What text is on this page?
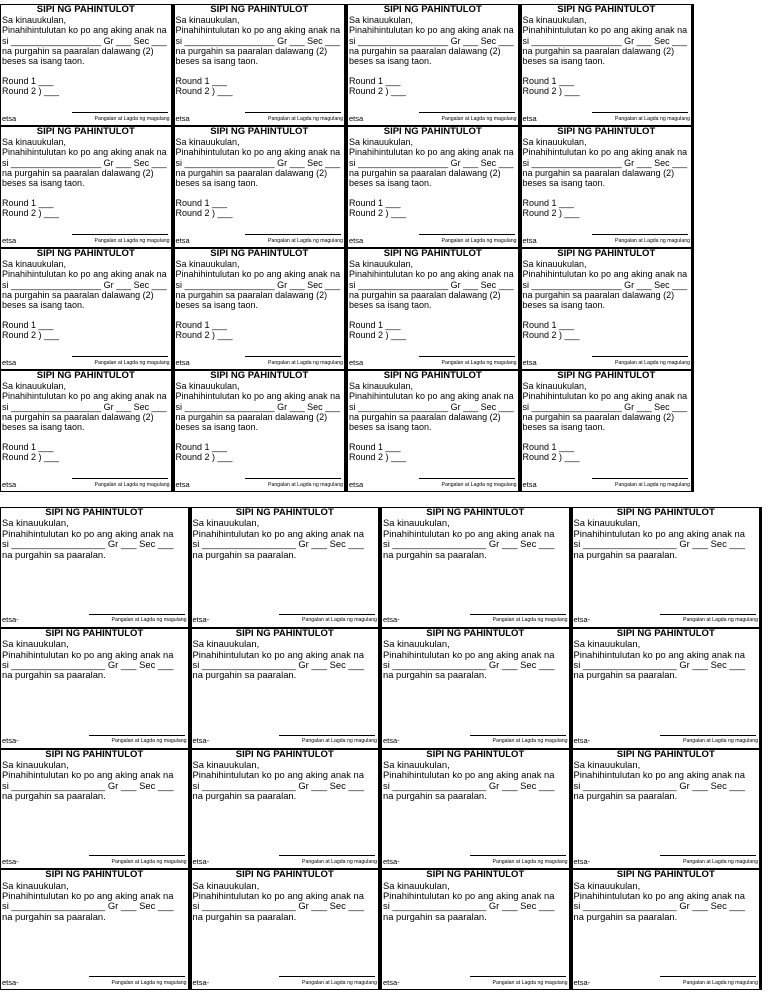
SIPI NG PAHINTULOT
Sa kinauukulan,
Pinahihintulutan ko po ang aking anak na
si __________________ Gr ___ Sec ___
na purgahin sa paaralan dalawang (2)
beses sa isang taon.
Round 1 ___
Round 2 ) ___
etsa	Pangalan at Lagda ng magulang
SIPI NG PAHINTULOT
Sa kinauukulan,
Pinahihintulutan ko po ang aking anak na
si __________________ Gr ___ Sec ___
na purgahin sa paaralan dalawang (2)
beses sa isang taon.
Round 1 ___
Round 2 ) ___
etsa	Pangalan at Lagda ng magulang
SIPI NG PAHINTULOT
Sa kinauukulan,
Pinahihintulutan ko po ang aking anak na
si __________________ Gr ___ Sec ___
na purgahin sa paaralan dalawang (2)
beses sa isang taon.
Round 1 ___
Round 2 ) ___
etsa	Pangalan at Lagda ng magulang
SIPI NG PAHINTULOT
Sa kinauukulan,
Pinahihintulutan ko po ang aking anak na
si __________________ Gr ___ Sec ___
na purgahin sa paaralan dalawang (2)
beses sa isang taon.
Round 1 ___
Round 2 ) ___
etsa	Pangalan at Lagda ng magulang
SIPI NG PAHINTULOT
Sa kinauukulan,
Pinahihintulutan ko po ang aking anak na
si __________________ Gr ___ Sec ___
na purgahin sa paaralan dalawang (2)
beses sa isang taon.
Round 1 ___
Round 2 ) ___
etsa	Pangalan at Lagda ng magulang
SIPI NG PAHINTULOT
Sa kinauukulan,
Pinahihintulutan ko po ang aking anak na
si __________________ Gr ___ Sec ___
na purgahin sa paaralan dalawang (2)
beses sa isang taon.
Round 1 ___
Round 2 ) ___
etsa	Pangalan at Lagda ng magulang
SIPI NG PAHINTULOT
Sa kinauukulan,
Pinahihintulutan ko po ang aking anak na
si __________________ Gr ___ Sec ___
na purgahin sa paaralan dalawang (2)
beses sa isang taon.
Round 1 ___
Round 2 ) ___
etsa	Pangalan at Lagda ng magulang
SIPI NG PAHINTULOT
Sa kinauukulan,
Pinahihintulutan ko po ang aking anak na
si __________________ Gr ___ Sec ___
na purgahin sa paaralan dalawang (2)
beses sa isang taon.
Round 1 ___
Round 2 ) ___
etsa	Pangalan at Lagda ng magulang
SIPI NG PAHINTULOT
Sa kinauukulan,
Pinahihintulutan ko po ang aking anak na
si __________________ Gr ___ Sec ___
na purgahin sa paaralan dalawang (2)
beses sa isang taon.
Round 1 ___
Round 2 ) ___
etsa	Pangalan at Lagda ng magulang
SIPI NG PAHINTULOT
Sa kinauukulan,
Pinahihintulutan ko po ang aking anak na
si __________________ Gr ___ Sec ___
na purgahin sa paaralan dalawang (2)
beses sa isang taon.
Round 1 ___
Round 2 ) ___
etsa	Pangalan at Lagda ng magulang
SIPI NG PAHINTULOT
Sa kinauukulan,
Pinahihintulutan ko po ang aking anak na
si __________________ Gr ___ Sec ___
na purgahin sa paaralan dalawang (2)
beses sa isang taon.
Round 1 ___
Round 2 ) ___
etsa	Pangalan at Lagda ng magulang
SIPI NG PAHINTULOT
Sa kinauukulan,
Pinahihintulutan ko po ang aking anak na
si __________________ Gr ___ Sec ___
na purgahin sa paaralan dalawang (2)
beses sa isang taon.
Round 1 ___
Round 2 ) ___
etsa	Pangalan at Lagda ng magulang
SIPI NG PAHINTULOT
Sa kinauukulan,
Pinahihintulutan ko po ang aking anak na
si __________________ Gr ___ Sec ___
na purgahin sa paaralan dalawang (2)
beses sa isang taon.
Round 1 ___
Round 2 ) ___
etsa	Pangalan at Lagda ng magulang
SIPI NG PAHINTULOT
Sa kinauukulan,
Pinahihintulutan ko po ang aking anak na
si __________________ Gr ___ Sec ___
na purgahin sa paaralan dalawang (2)
beses sa isang taon.
Round 1 ___
Round 2 ) ___
etsa	Pangalan at Lagda ng magulang
SIPI NG PAHINTULOT
Sa kinauukulan,
Pinahihintulutan ko po ang aking anak na
si __________________ Gr ___ Sec ___
na purgahin sa paaralan dalawang (2)
beses sa isang taon.
Round 1 ___
Round 2 ) ___
etsa	Pangalan at Lagda ng magulang
SIPI NG PAHINTULOT
Sa kinauukulan,
Pinahihintulutan ko po ang aking anak na
si __________________ Gr ___ Sec ___
na purgahin sa paaralan dalawang (2)
beses sa isang taon.
Round 1 ___
Round 2 ) ___
etsa	Pangalan at Lagda ng magulang
SIPI NG PAHINTULOT
Sa kinauukulan,
Pinahihintulutan ko po ang aking anak na
si __________________ Gr ___ Sec ___
na purgahin sa paaralan.
etsa-	Pangalan at Lagda ng magulang
SIPI NG PAHINTULOT
Sa kinauukulan,
Pinahihintulutan ko po ang aking anak na
si __________________ Gr ___ Sec ___
na purgahin sa paaralan.
etsa-	Pangalan at Lagda ng magulang
SIPI NG PAHINTULOT
Sa kinauukulan,
Pinahihintulutan ko po ang aking anak na
si __________________ Gr ___ Sec ___
na purgahin sa paaralan.
etsa-	Pangalan at Lagda ng magulang
SIPI NG PAHINTULOT
Sa kinauukulan,
Pinahihintulutan ko po ang aking anak na
si __________________ Gr ___ Sec ___
na purgahin sa paaralan.
etsa-	Pangalan at Lagda ng magulang
SIPI NG PAHINTULOT
Sa kinauukulan,
Pinahihintulutan ko po ang aking anak na
si __________________ Gr ___ Sec ___
na purgahin sa paaralan.
etsa-	Pangalan at Lagda ng magulang
SIPI NG PAHINTULOT
Sa kinauukulan,
Pinahihintulutan ko po ang aking anak na
si __________________ Gr ___ Sec ___
na purgahin sa paaralan.
etsa-	Pangalan at Lagda ng magulang
SIPI NG PAHINTULOT
Sa kinauukulan,
Pinahihintulutan ko po ang aking anak na
si __________________ Gr ___ Sec ___
na purgahin sa paaralan.
etsa-	Pangalan at Lagda ng magulang
SIPI NG PAHINTULOT
Sa kinauukulan,
Pinahihintulutan ko po ang aking anak na
si __________________ Gr ___ Sec ___
na purgahin sa paaralan.
etsa-	Pangalan at Lagda ng magulang
SIPI NG PAHINTULOT
Sa kinauukulan,
Pinahihintulutan ko po ang aking anak na
si __________________ Gr ___ Sec ___
na purgahin sa paaralan.
etsa-	Pangalan at Lagda ng magulang
SIPI NG PAHINTULOT
Sa kinauukulan,
Pinahihintulutan ko po ang aking anak na
si __________________ Gr ___ Sec ___
na purgahin sa paaralan.
etsa-	Pangalan at Lagda ng magulang
SIPI NG PAHINTULOT
Sa kinauukulan,
Pinahihintulutan ko po ang aking anak na
si __________________ Gr ___ Sec ___
na purgahin sa paaralan.
etsa-	Pangalan at Lagda ng magulang
SIPI NG PAHINTULOT
Sa kinauukulan,
Pinahihintulutan ko po ang aking anak na
si __________________ Gr ___ Sec ___
na purgahin sa paaralan.
etsa-	Pangalan at Lagda ng magulang
SIPI NG PAHINTULOT
Sa kinauukulan,
Pinahihintulutan ko po ang aking anak na
si __________________ Gr ___ Sec ___
na purgahin sa paaralan.
etsa-	Pangalan at Lagda ng magulang
SIPI NG PAHINTULOT
Sa kinauukulan,
Pinahihintulutan ko po ang aking anak na
si __________________ Gr ___ Sec ___
na purgahin sa paaralan.
etsa-	Pangalan at Lagda ng magulang
SIPI NG PAHINTULOT
Sa kinauukulan,
Pinahihintulutan ko po ang aking anak na
si __________________ Gr ___ Sec ___
na purgahin sa paaralan.
etsa-	Pangalan at Lagda ng magulang
SIPI NG PAHINTULOT
Sa kinauukulan,
Pinahihintulutan ko po ang aking anak na
si __________________ Gr ___ Sec ___
na purgahin sa paaralan.
etsa-	Pangalan at Lagda ng magulang
